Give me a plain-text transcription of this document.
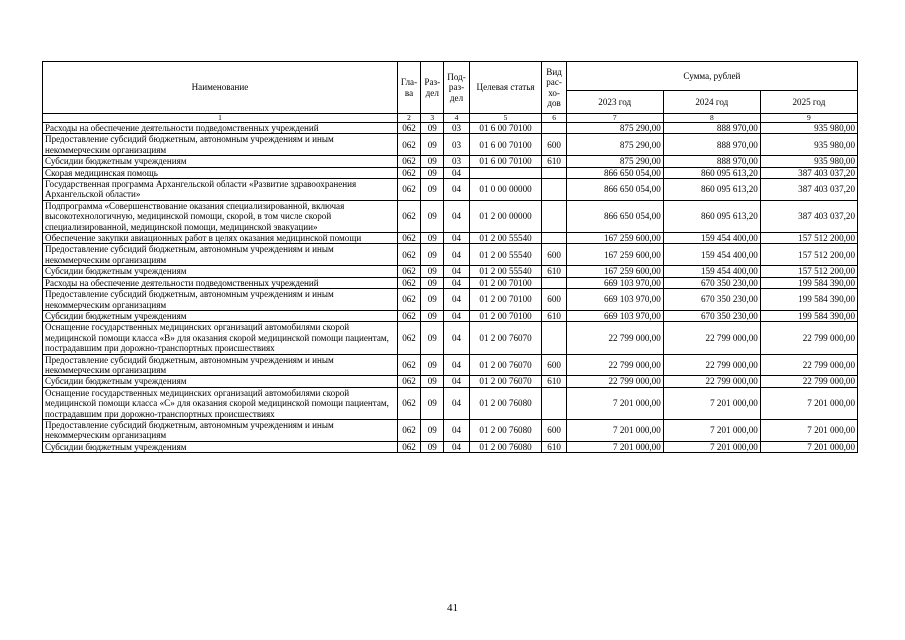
Наименование	Гла-ва	Раз-дел	Под-раз-дел	Целевая статья	Вид рас-хо-дов	Сумма, рублей		
						2023 год	2024 год	2025 год
1	2	3	4	5	6	7	8	9
Расходы на обеспечение деятельности подведомственных учреждений	062	09	03	01 6 00 70100		875 290,00	888 970,00	935 980,00
Предоставление субсидий бюджетным, автономным учреждениям и иным некоммерческим организациям	062	09	03	01 6 00 70100	600	875 290,00	888 970,00	935 980,00
Субсидии бюджетным учреждениям	062	09	03	01 6 00 70100	610	875 290,00	888 970,00	935 980,00
Скорая медицинская помощь	062	09	04			866 650 054,00	860 095 613,20	387 403 037,20
Государственная программа Архангельской области «Развитие здравоохранения Архангельской области»	062	09	04	01 0 00 00000		866 650 054,00	860 095 613,20	387 403 037,20
Подпрограмма «Совершенствование оказания специализированной, включая высокотехнологичную, медицинской помощи, скорой, в том числе скорой специализированной, медицинской помощи, медицинской эвакуации»	062	09	04	01 2 00 00000		866 650 054,00	860 095 613,20	387 403 037,20
Обеспечение закупки авиационных работ в целях оказания медицинской помощи	062	09	04	01 2 00 55540		167 259 600,00	159 454 400,00	157 512 200,00
Предоставление субсидий бюджетным, автономным учреждениям и иным некоммерческим организациям	062	09	04	01 2 00 55540	600	167 259 600,00	159 454 400,00	157 512 200,00
Субсидии бюджетным учреждениям	062	09	04	01 2 00 55540	610	167 259 600,00	159 454 400,00	157 512 200,00
Расходы на обеспечение деятельности подведомственных учреждений	062	09	04	01 2 00 70100		669 103 970,00	670 350 230,00	199 584 390,00
Предоставление субсидий бюджетным, автономным учреждениям и иным некоммерческим организациям	062	09	04	01 2 00 70100	600	669 103 970,00	670 350 230,00	199 584 390,00
Субсидии бюджетным учреждениям	062	09	04	01 2 00 70100	610	669 103 970,00	670 350 230,00	199 584 390,00
Оснащение государственных медицинских организаций автомобилями скорой медицинской помощи класса «В» для оказания скорой медицинской помощи пациентам, пострадавшим при дорожно-транспортных происшествиях	062	09	04	01 2 00 76070		22 799 000,00	22 799 000,00	22 799 000,00
Предоставление субсидий бюджетным, автономным учреждениям и иным некоммерческим организациям	062	09	04	01 2 00 76070	600	22 799 000,00	22 799 000,00	22 799 000,00
Субсидии бюджетным учреждениям	062	09	04	01 2 00 76070	610	22 799 000,00	22 799 000,00	22 799 000,00
Оснащение государственных медицинских организаций автомобилями скорой медицинской помощи класса «С» для оказания скорой медицинской помощи пациентам, пострадавшим при дорожно-транспортных происшествиях	062	09	04	01 2 00 76080		7 201 000,00	7 201 000,00	7 201 000,00
Предоставление субсидий бюджетным, автономным учреждениям и иным некоммерческим организациям	062	09	04	01 2 00 76080	600	7 201 000,00	7 201 000,00	7 201 000,00
Субсидии бюджетным учреждениям	062	09	04	01 2 00 76080	610	7 201 000,00	7 201 000,00	7 201 000,00
41
